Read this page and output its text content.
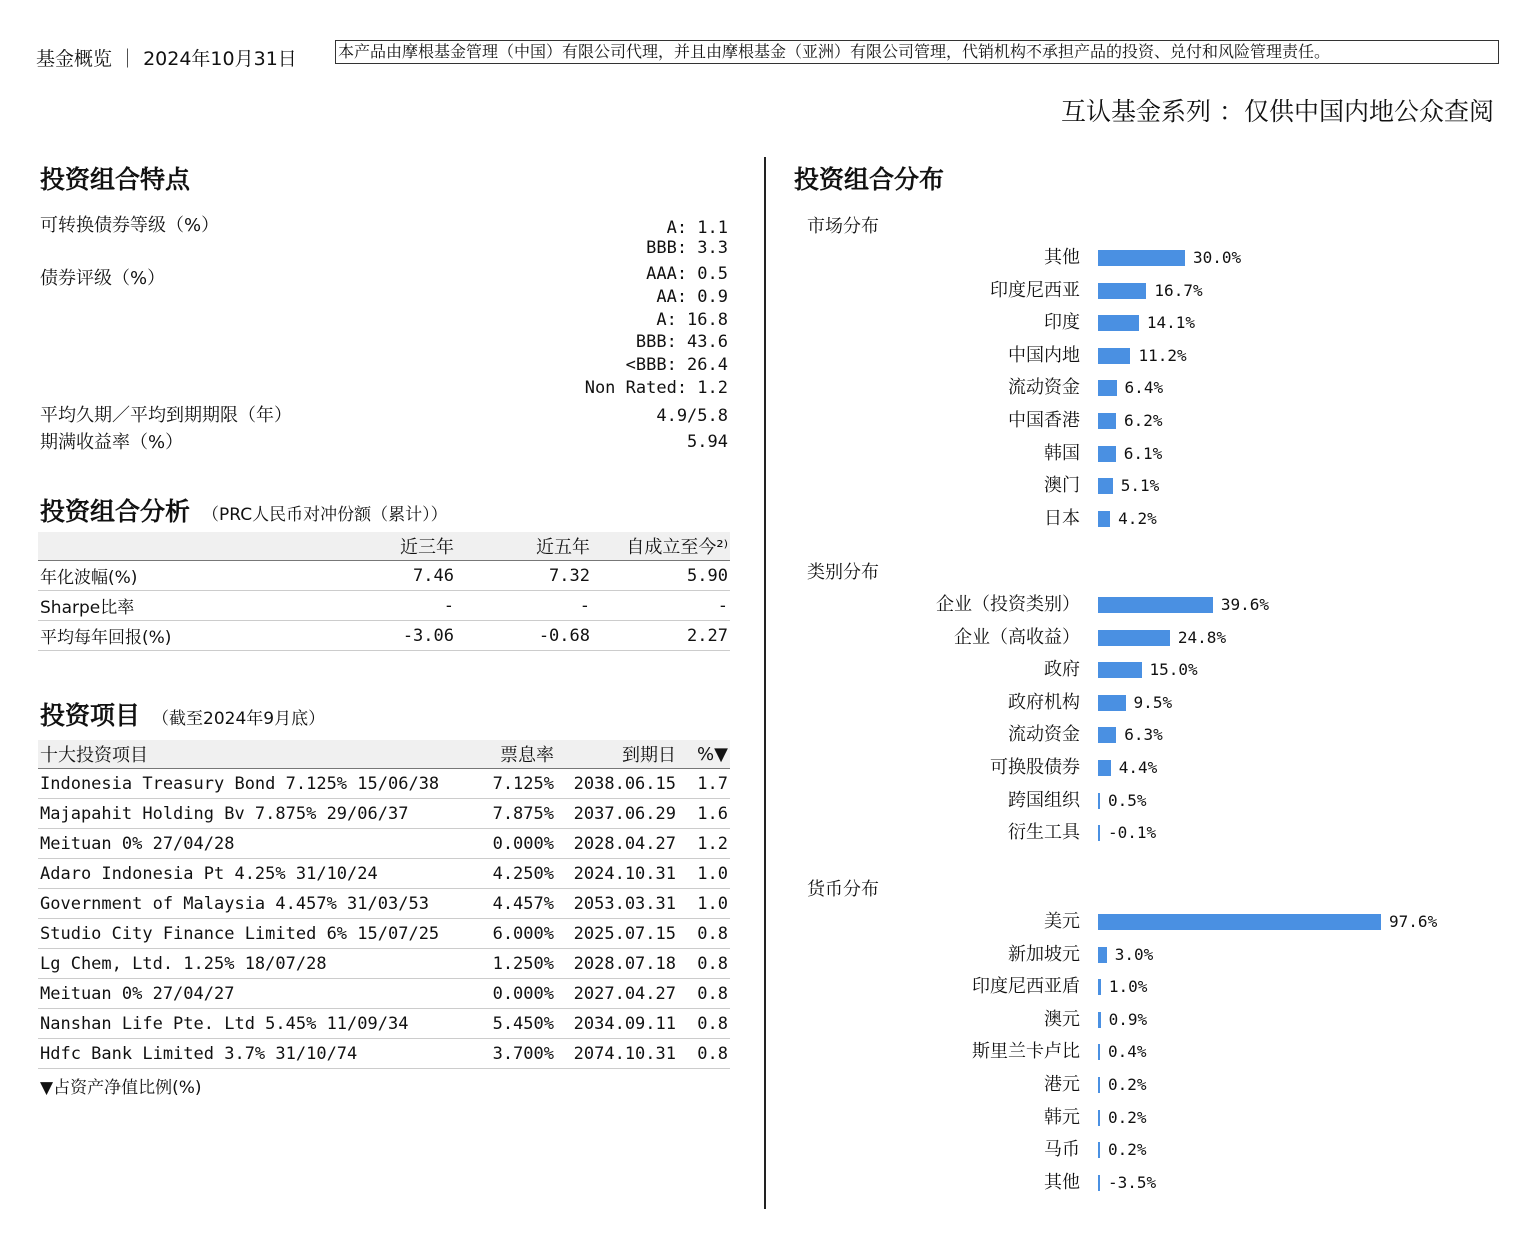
基金概览 ｜ 2024年10月31日	本产品由摩根基金管理（中国）有限公司代理，并且由摩根基金（亚洲）有限公司管理，代销机构不承担产品的投资、兑付和风险管理责任。
互认基金系列 ：仅供中国内地公众查阅
投资组合特点
可转换债券等级（%）	A: 1.1
BBB: 3.3
债券评级（%）	AAA: 0.5
AA: 0.9
A: 16.8
BBB: 43.6
<BBB: 26.4
Non Rated: 1.2
平均久期／平均到期期限（年）	4.9/5.8
期满收益率（%）	5.94
投资组合分析 （PRC人民币对冲份额（累计））
	近三年	近五年	自成立至今²⁾
年化波幅(%)	7.46	7.32	5.90
Sharpe比率	-	-	-
平均每年回报(%)	-3.06	-0.68	2.27
投资项目 （截至2024年9月底）
十大投资项目	票息率	到期日	%▼
Indonesia Treasury Bond 7.125% 15/06/38	7.125%	2038.06.15	1.7
Majapahit Holding Bv 7.875% 29/06/37	7.875%	2037.06.29	1.6
Meituan 0% 27/04/28	0.000%	2028.04.27	1.2
Adaro Indonesia Pt 4.25% 31/10/24	4.250%	2024.10.31	1.0
Government of Malaysia 4.457% 31/03/53	4.457%	2053.03.31	1.0
Studio City Finance Limited 6% 15/07/25	6.000%	2025.07.15	0.8
Lg Chem, Ltd. 1.25% 18/07/28	1.250%	2028.07.18	0.8
Meituan 0% 27/04/27	0.000%	2027.04.27	0.8
Nanshan Life Pte. Ltd 5.45% 11/09/34	5.450%	2034.09.11	0.8
Hdfc Bank Limited 3.7% 31/10/74	3.700%	2074.10.31	0.8
▼占资产净值比例(%)
投资组合分布
市场分布
其他	30.0%
印度尼西亚	16.7%
印度	14.1%
中国内地	11.2%
流动资金	6.4%
中国香港	6.2%
韩国	6.1%
澳门	5.1%
日本 4.2%
类别分布
企业（投资类别）	39.6%
企业（高收益）	24.8%
政府	15.0%
政府机构	9.5%
流动资金	6.3%
可换股债券 4.4%
跨国组织 0.5%
衍生工具 -0.1%
货币分布
美元	97.6%
新加坡元 3.0%
印度尼西亚盾 1.0%
澳元 0.9%
斯里兰卡卢比 0.4%
港元 0.2%
韩元 0.2%
马币 0.2%
其他 -3.5%
